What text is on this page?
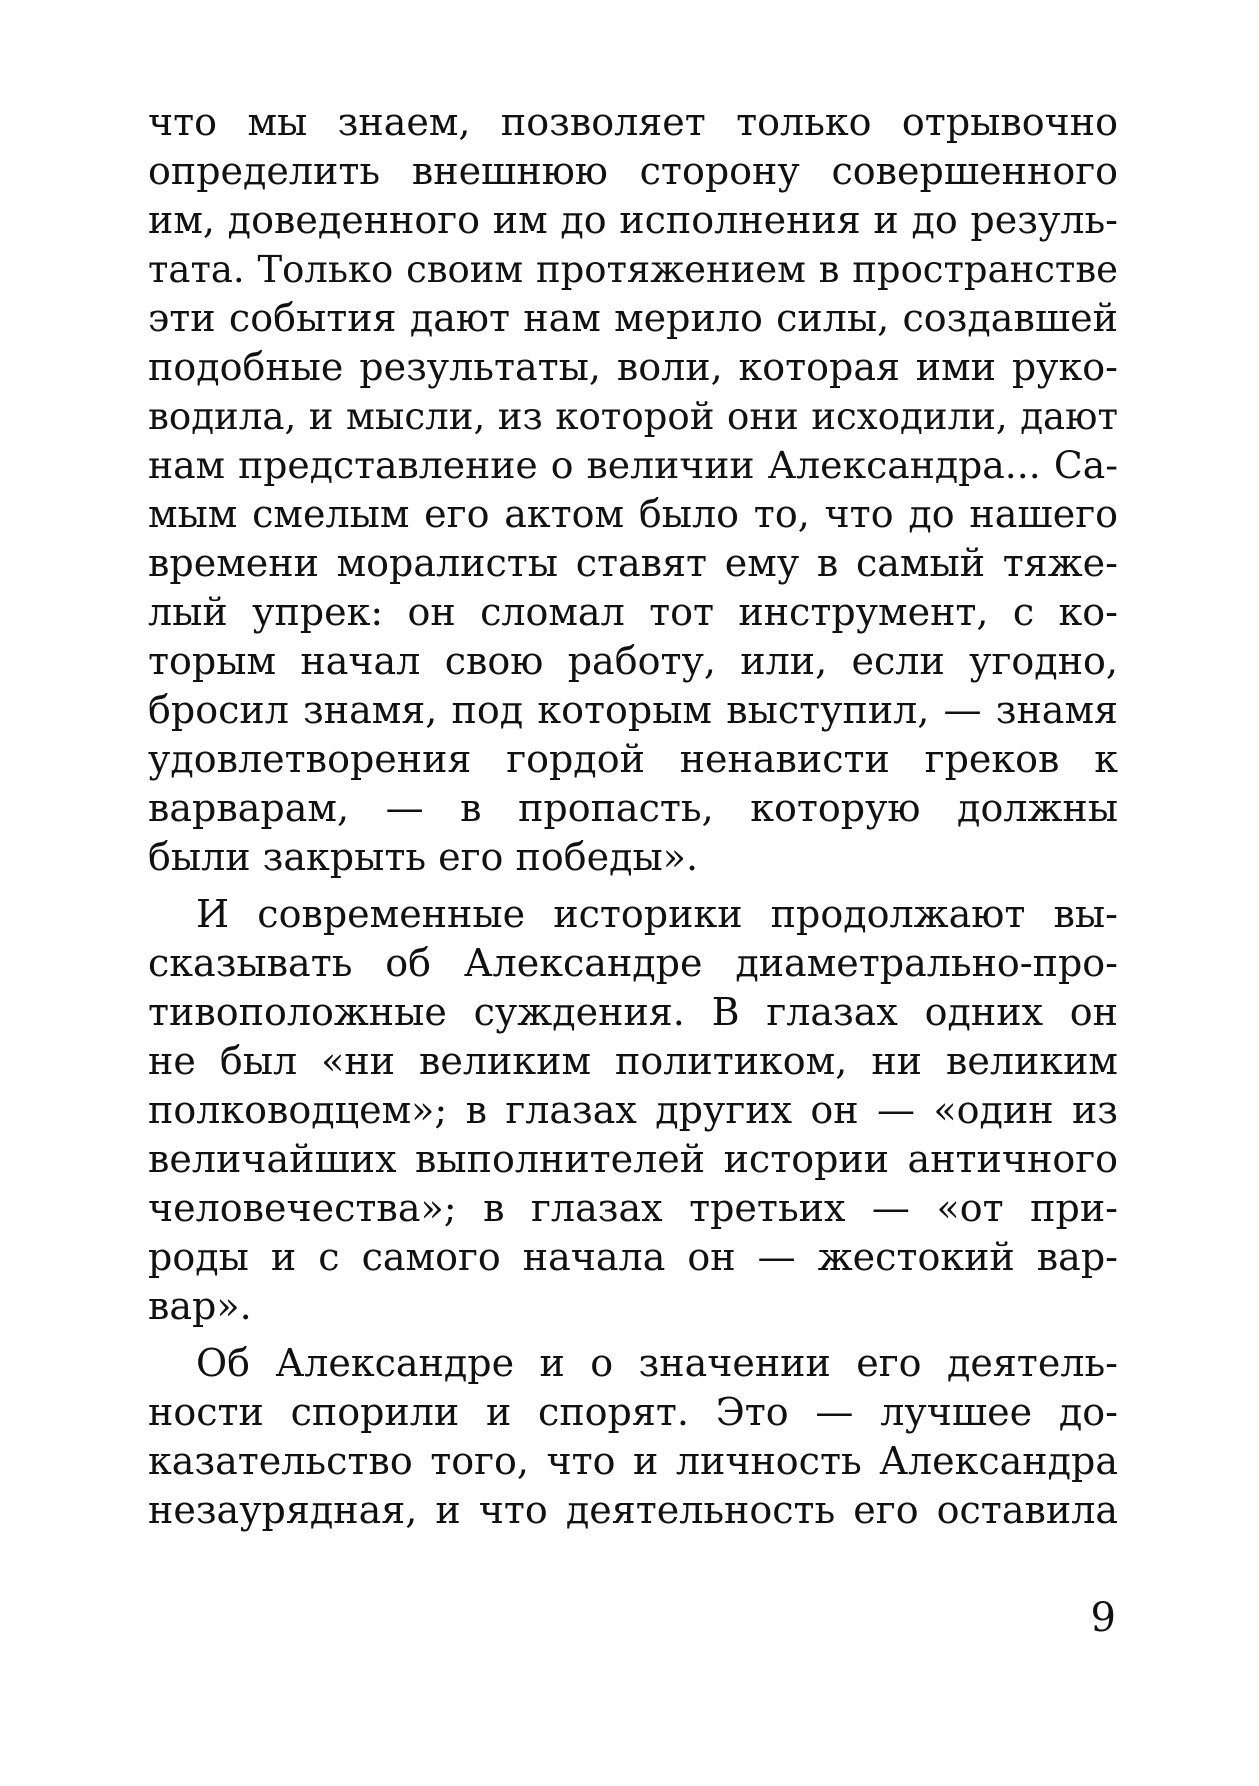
что мы знаем, позволяет только отрывочно
определить внешнюю сторону совершенного
им, доведенного им до исполнения и до резуль-
тата. Только своим протяжением в пространстве
эти события дают нам мерило силы, создавшей
подобные результаты, воли, которая ими руко-
водила, и мысли, из которой они исходили, дают
нам представление о величии Александра... Са-
мым смелым его актом было то, что до нашего
времени моралисты ставят ему в самый тяже-
лый упрек: он сломал тот инструмент, с ко-
торым начал свою работу, или, если угодно,
бросил знамя, под которым выступил, — знамя
удовлетворения гордой ненависти греков к
варварам, — в пропасть, которую должны
были закрыть его победы».

И современные историки продолжают вы-
сказывать об Александре диаметрально-про-
тивоположные суждения. В глазах одних он
не был «ни великим политиком, ни великим
полководцем»; в глазах других он — «один из
величайших выполнителей истории античного
человечества»; в глазах третьих — «от при-
роды и с самого начала он — жестокий вар-
вар».

Об Александре и о значении его деятель-
ности спорили и спорят. Это — лучшее до-
казательство того, что и личность Александра
незаурядная, и что деятельность его оставила

9
